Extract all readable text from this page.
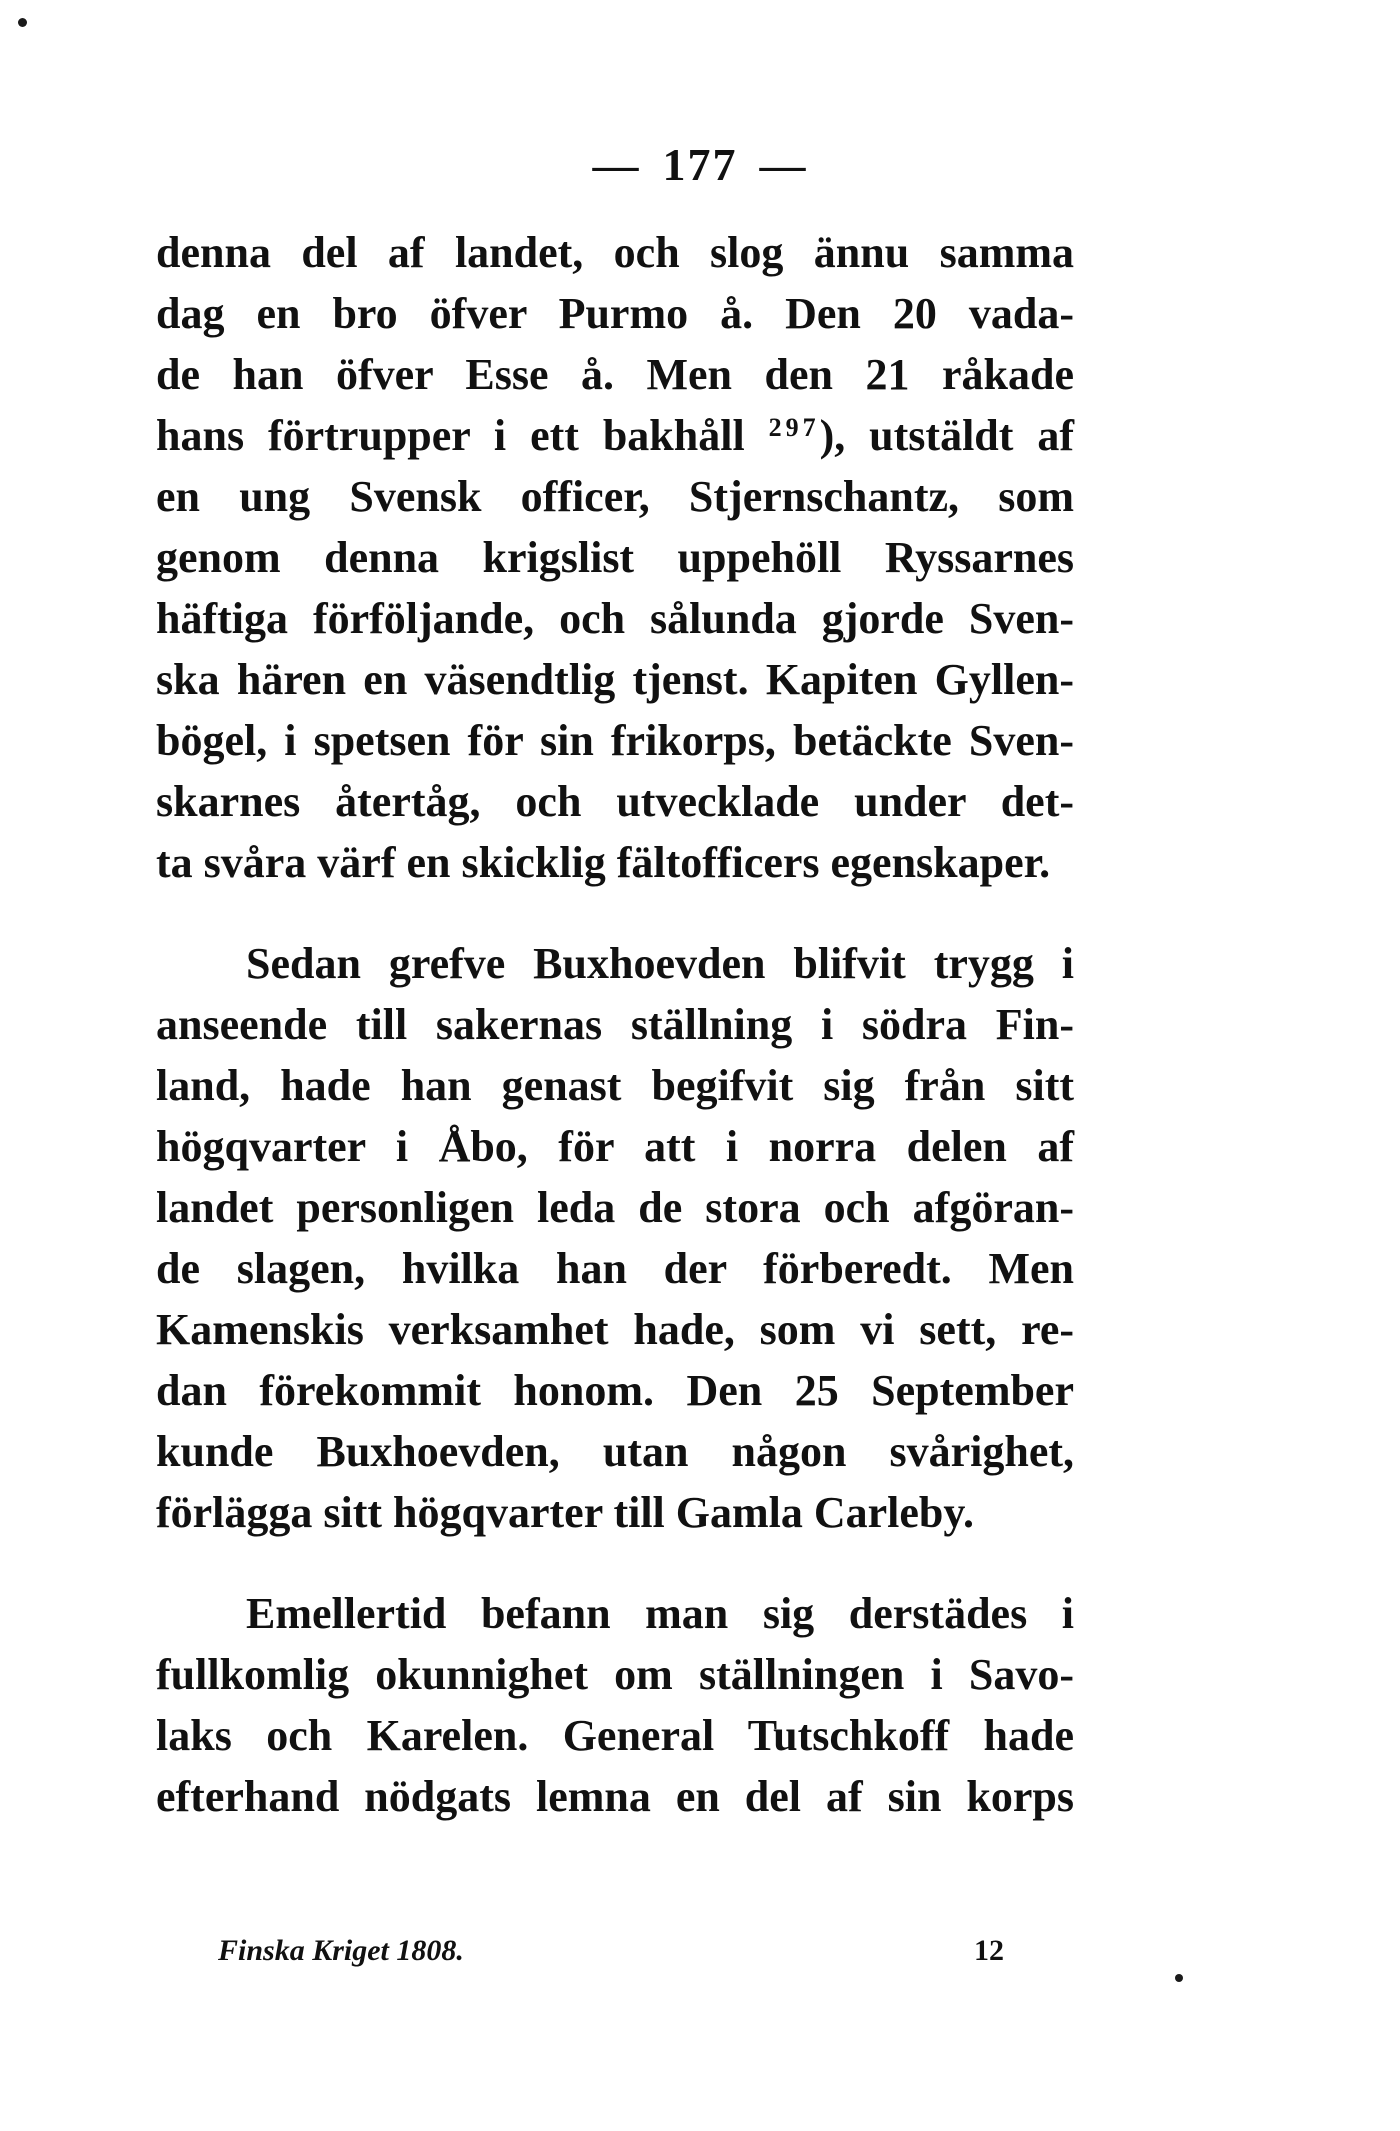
— 177 —
denna del af landet, och slog ännu samma
dag en bro öfver Purmo å. Den 20 vada-
de han öfver Esse å. Men den 21 råkade
hans förtrupper i ett bakhåll $^{297}$), utstäldt af
en ung Svensk officer, Stjernschantz, som
genom denna krigslist uppehöll Ryssarnes
häftiga förföljande, och sålunda gjorde Sven-
ska hären en väsendtlig tjenst. Kapiten Gyllen-
bögel, i spetsen för sin frikorps, betäckte Sven-
skarnes återtåg, och utvecklade under det-
ta svåra värf en skicklig fältofficers egenskaper.
Sedan grefve Buxhoevden blifvit trygg i
anseende till sakernas ställning i södra Fin-
land, hade han genast begifvit sig från sitt
högqvarter i Åbo, för att i norra delen af
landet personligen leda de stora och afgöran-
de slagen, hvilka han der förberedt. Men
Kamenskis verksamhet hade, som vi sett, re-
dan förekommit honom. Den 25 September
kunde Buxhoevden, utan någon svårighet,
förlägga sitt högqvarter till Gamla Carleby.
Emellertid befann man sig derstädes i
fullkomlig okunnighet om ställningen i Savo-
laks och Karelen. General Tutschkoff hade
efterhand nödgats lemna en del af sin korps
Finska Kriget 1808.	12
